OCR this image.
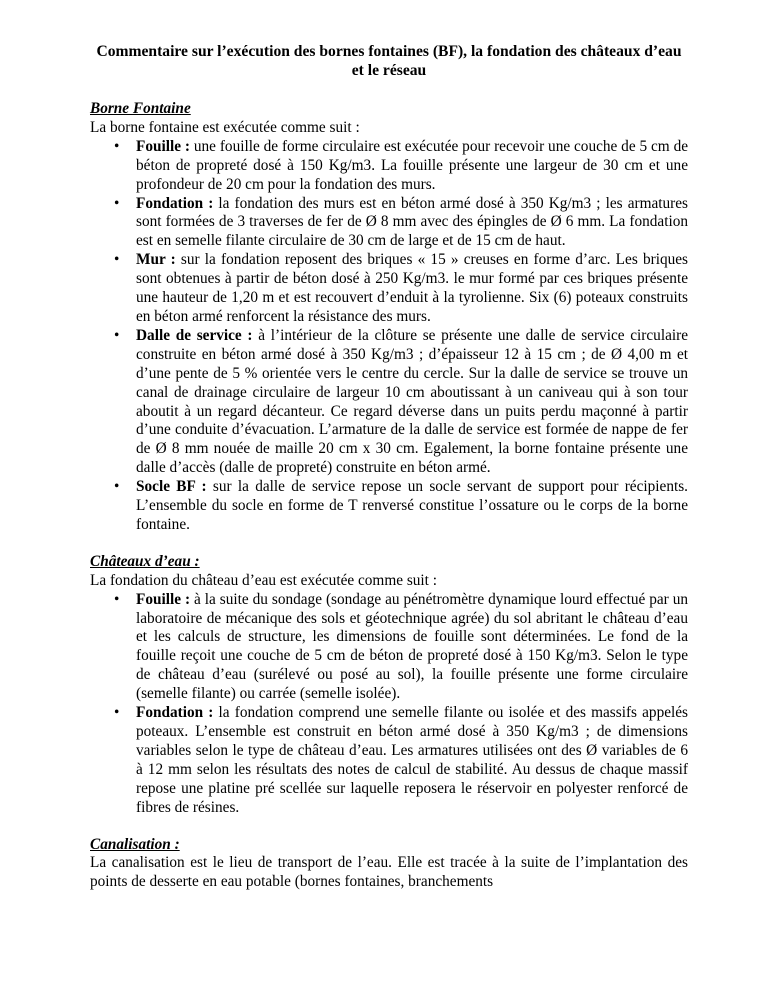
Commentaire sur l’exécution des bornes fontaines (BF), la fondation des châteaux d’eau et le réseau
Borne Fontaine
La borne fontaine est exécutée comme suit :
• Fouille : une fouille de forme circulaire est exécutée pour recevoir une couche de 5 cm de béton de propreté dosé à 150 Kg/m3. La fouille présente une largeur de 30 cm et une profondeur de 20 cm pour la fondation des murs.
• Fondation : la fondation des murs est en béton armé dosé à 350 Kg/m3 ; les armatures sont formées de 3 traverses de fer de Ø 8 mm avec des épingles de Ø 6 mm. La fondation est en semelle filante circulaire de 30 cm de large et de 15 cm de haut.
• Mur : sur la fondation reposent des briques « 15 » creuses en forme d’arc. Les briques sont obtenues à partir de béton dosé à 250 Kg/m3. le mur formé par ces briques présente une hauteur de 1,20 m et est recouvert d’enduit à la tyrolienne. Six (6) poteaux construits en béton armé renforcent la résistance des murs.
• Dalle de service : à l’intérieur de la clôture se présente une dalle de service circulaire construite en béton armé dosé à 350 Kg/m3 ; d’épaisseur 12 à 15 cm ; de Ø 4,00 m et d’une pente de 5 % orientée vers le centre du cercle. Sur la dalle de service se trouve un canal de drainage circulaire de largeur 10 cm aboutissant à un caniveau qui à son tour aboutit à un regard décanteur. Ce regard déverse dans un puits perdu maçonné à partir d’une conduite d’évacuation. L’armature de la dalle de service est formée de nappe de fer de Ø 8 mm nouée de maille 20 cm x 30 cm. Egalement, la borne fontaine présente une dalle d’accès (dalle de propreté) construite en béton armé.
• Socle BF : sur la dalle de service repose un socle servant de support pour récipients. L’ensemble du socle en forme de T renversé constitue l’ossature ou le corps de la borne fontaine.
Châteaux d’eau :
La fondation du château d’eau est exécutée comme suit :
• Fouille : à la suite du sondage (sondage au pénétromètre dynamique lourd effectué par un laboratoire de mécanique des sols et géotechnique agrée) du sol abritant le château d’eau et les calculs de structure, les dimensions de fouille sont déterminées. Le fond de la fouille reçoit une couche de 5 cm de béton de propreté dosé à 150 Kg/m3. Selon le type de château d’eau (surélevé ou posé au sol), la fouille présente une forme circulaire (semelle filante) ou carrée (semelle isolée).
• Fondation : la fondation comprend une semelle filante ou isolée et des massifs appelés poteaux. L’ensemble est construit en béton armé dosé à 350 Kg/m3 ; de dimensions variables selon le type de château d’eau. Les armatures utilisées ont des Ø variables de 6 à 12 mm selon les résultats des notes de calcul de stabilité. Au dessus de chaque massif repose une platine pré scellée sur laquelle reposera le réservoir en polyester renforcé de fibres de résines.
Canalisation :
La canalisation est le lieu de transport de l’eau. Elle est tracée à la suite de l’implantation des points de desserte en eau potable (bornes fontaines, branchements
